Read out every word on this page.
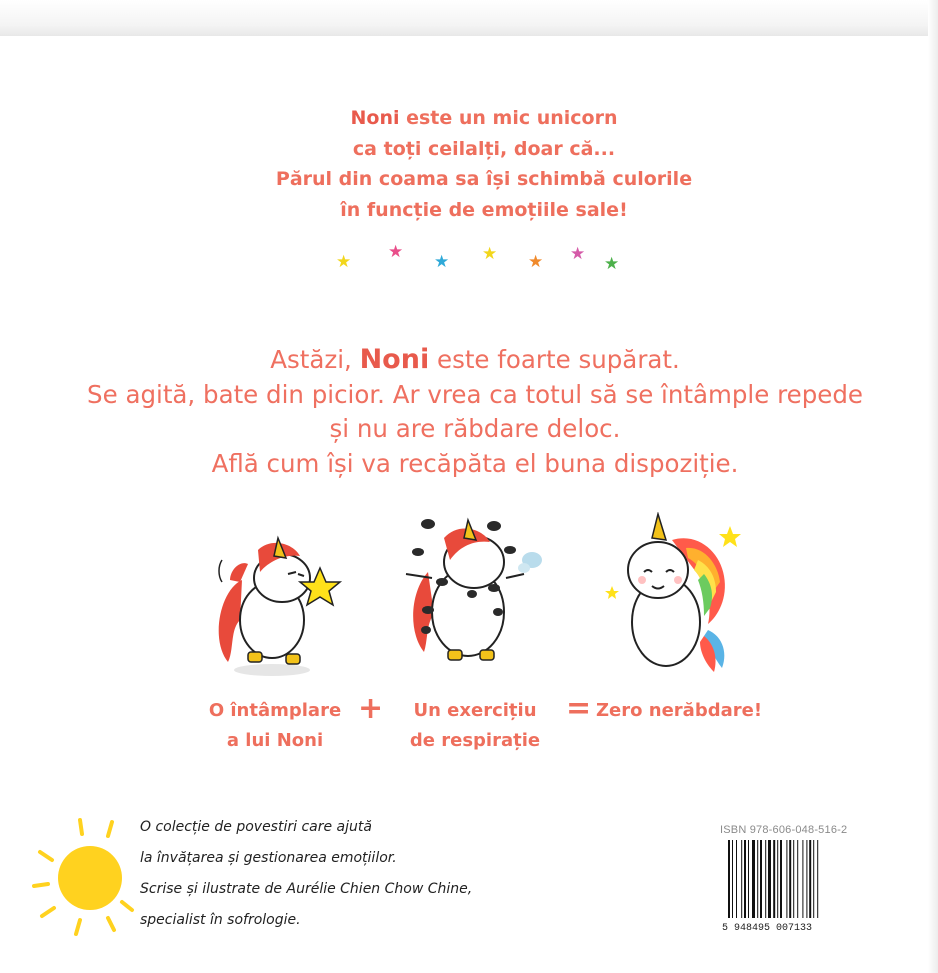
Noni este un mic unicorn
ca toți ceilalți, doar că...
Părul din coama sa își schimbă culorile
în funcție de emoțiile sale!
★ ★ ★ ★ ★ ★ ★
Astăzi, Noni este foarte supărat.
Se agită, bate din picior. Ar vrea ca totul să se întâmple repede
și nu are răbdare deloc.
Află cum își va recăpăta el buna dispoziție.
O întâmplare
a lui Noni
+	Un exercițiu
de respirație
= Zero nerăbdare!
O colecție de povestiri care ajută
la învățarea și gestionarea emoțiilor.
Scrise și ilustrate de Aurélie Chien Chow Chine,
specialist în sofrologie.
ISBN 978-606-048-516-2
5 948495 007133
